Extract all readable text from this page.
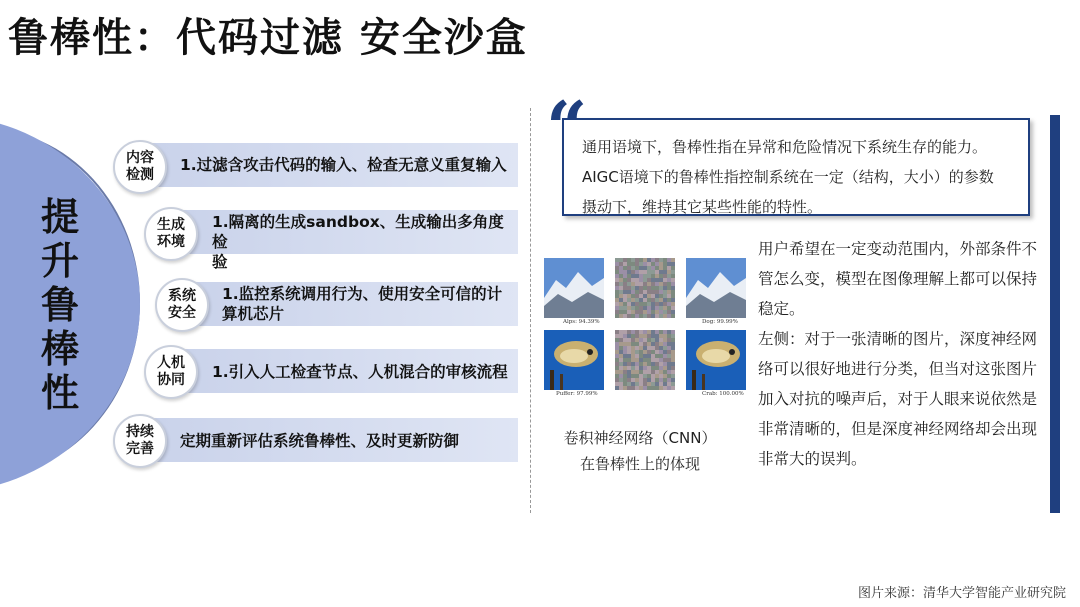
鲁棒性：代码过滤 安全沙盒
提
升
鲁
棒
性
1.过滤含攻击代码的输入、检查无意义重复输入
内容
检测
1.隔离的生成sandbox、生成输出多角度检
验
生成
环境
1.监控系统调用行为、使用安全可信的计
算机芯片
系统
安全
1.引入人工检查节点、人机混合的审核流程
人机
协同
定期重新评估系统鲁棒性、及时更新防御
持续
完善
通用语境下，鲁棒性指在异常和危险情况下系统生存的能力。
AIGC语境下的鲁棒性指控制系统在一定（结构，大小）的参数
摄动下，维持其它某些性能的特性。
“
Alps: 94.39%	Dog: 99.99%
Puffer: 97.99%	Crab: 100.00%
卷积神经网络（CNN）
在鲁棒性上的体现
用户希望在一定变动范围内，外部条件不
管怎么变，模型在图像理解上都可以保持
稳定。
左侧：对于一张清晰的图片，深度神经网
络可以很好地进行分类，但当对这张图片
加入对抗的噪声后，对于人眼来说依然是
非常清晰的，但是深度神经网络却会出现
非常大的误判。
图片来源：清华大学智能产业研究院
